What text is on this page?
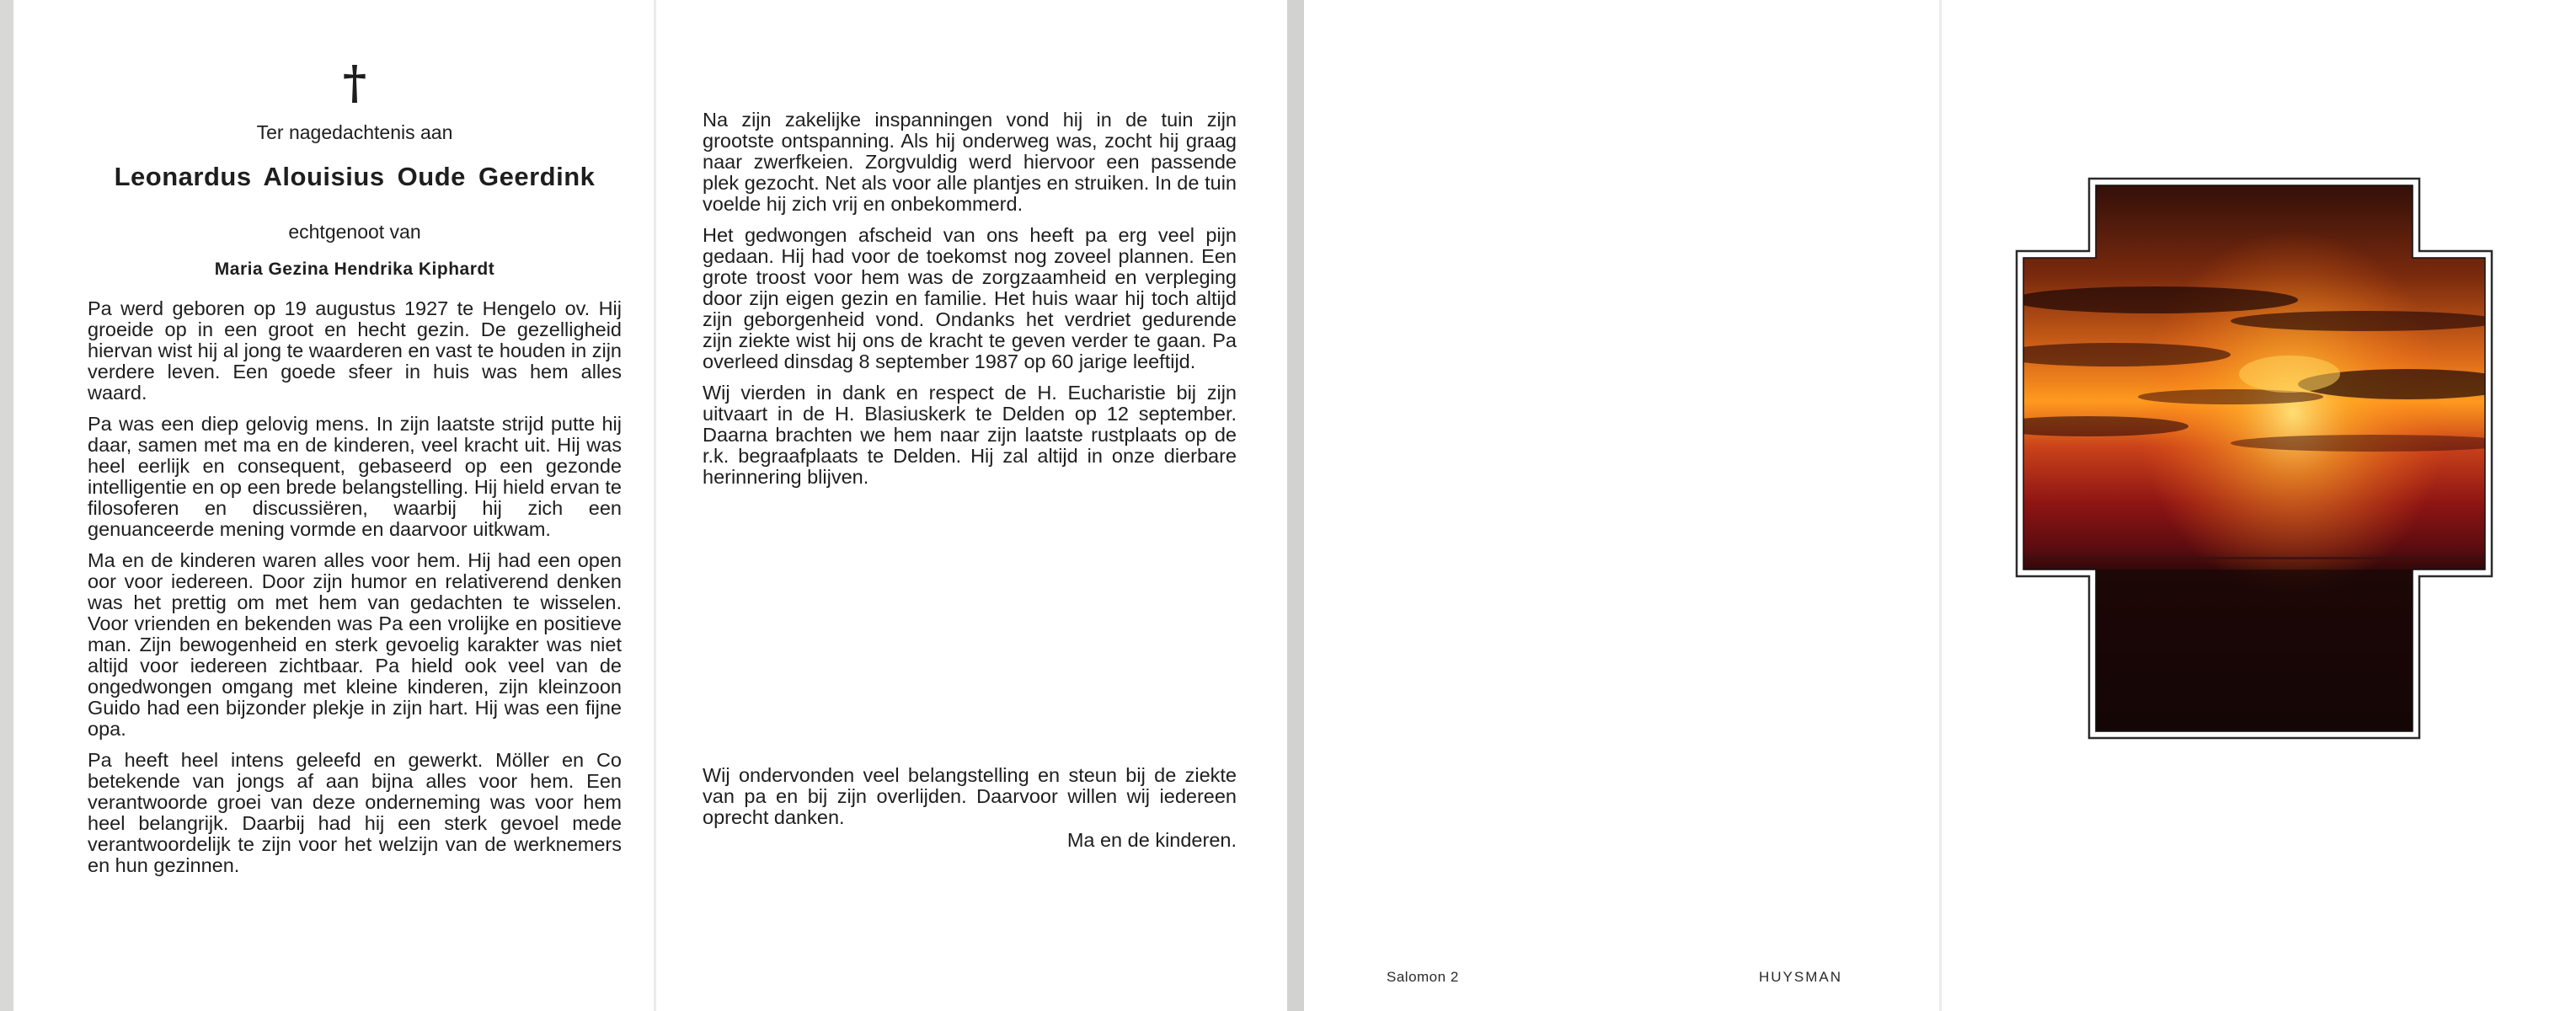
†
Ter nagedachtenis aan
Leonardus Alouisius Oude Geerdink
echtgenoot van
Maria Gezina Hendrika Kiphardt

Pa werd geboren op 19 augustus 1927 te Hengelo ov. Hij groeide op in een groot en hecht gezin. De gezelligheid hiervan wist hij al jong te waarderen en vast te houden in zijn verdere leven. Een goede sfeer in huis was hem alles waard.

Pa was een diep gelovig mens. In zijn laatste strijd putte hij daar, samen met ma en de kinderen, veel kracht uit. Hij was heel eerlijk en consequent, gebaseerd op een gezonde intelligentie en op een brede belangstelling. Hij hield ervan te filosoferen en discussiëren, waarbij hij zich een genuanceerde mening vormde en daarvoor uitkwam.

Ma en de kinderen waren alles voor hem. Hij had een open oor voor iedereen. Door zijn humor en relativerend denken was het prettig om met hem van gedachten te wisselen. Voor vrienden en bekenden was Pa een vrolijke en positieve man. Zijn bewogenheid en sterk gevoelig karakter was niet altijd voor iedereen zichtbaar. Pa hield ook veel van de ongedwongen omgang met kleine kinderen, zijn kleinzoon Guido had een bijzonder plekje in zijn hart. Hij was een fijne opa.

Pa heeft heel intens geleefd en gewerkt. Möller en Co betekende van jongs af aan bijna alles voor hem. Een verantwoorde groei van deze onderneming was voor hem heel belangrijk. Daarbij had hij een sterk gevoel mede verantwoordelijk te zijn voor het welzijn van de werknemers en hun gezinnen.

Na zijn zakelijke inspanningen vond hij in de tuin zijn grootste ontspanning. Als hij onderweg was, zocht hij graag naar zwerfkeien. Zorgvuldig werd hiervoor een passende plek gezocht. Net als voor alle plantjes en struiken. In de tuin voelde hij zich vrij en onbekommerd.

Het gedwongen afscheid van ons heeft pa erg veel pijn gedaan. Hij had voor de toekomst nog zoveel plannen. Een grote troost voor hem was de zorgzaamheid en verpleging door zijn eigen gezin en familie. Het huis waar hij toch altijd zijn geborgenheid vond. Ondanks het verdriet gedurende zijn ziekte wist hij ons de kracht te geven verder te gaan. Pa overleed dinsdag 8 september 1987 op 60 jarige leeftijd.

Wij vierden in dank en respect de H. Eucharistie bij zijn uitvaart in de H. Blasiuskerk te Delden op 12 september. Daarna brachten we hem naar zijn laatste rustplaats op de r.k. begraafplaats te Delden. Hij zal altijd in onze dierbare herinnering blijven.

Wij ondervonden veel belangstelling en steun bij de ziekte van pa en bij zijn overlijden. Daarvoor willen wij iedereen oprecht danken.

Ma en de kinderen.
Salomon 2	HUYSMAN
